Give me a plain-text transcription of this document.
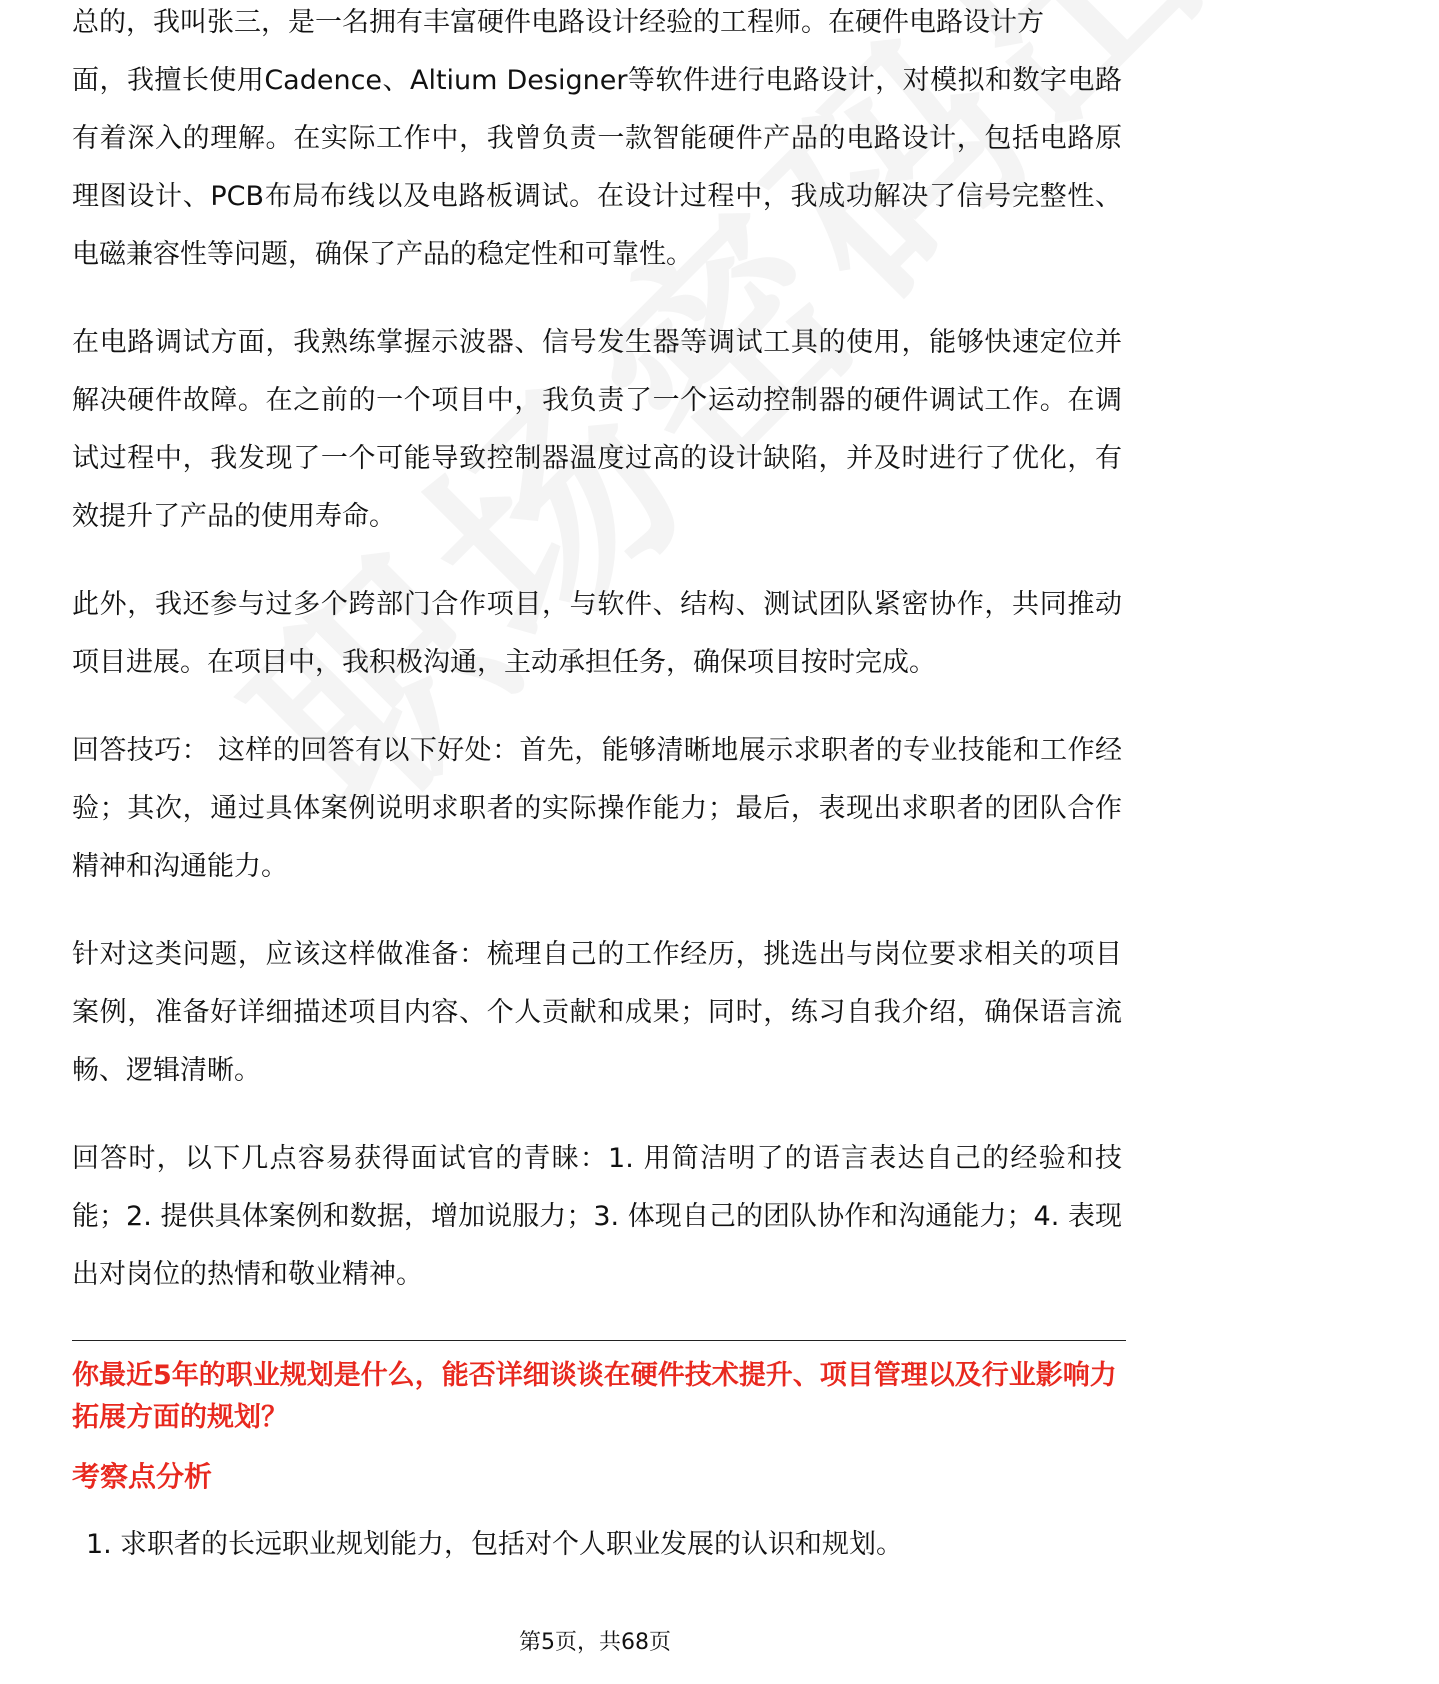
总的，我叫张三，是一名拥有丰富硬件电路设计经验的工程师。在硬件电路设计方

面，我擅长使用Cadence、Altium Designer等软件进行电路设计，对模拟和数字电路有着深入的理解。在实际工作中，我曾负责一款智能硬件产品的电路设计，包括电路原理图设计、PCB布局布线以及电路板调试。在设计过程中，我成功解决了信号完整性、电磁兼容性等问题，确保了产品的稳定性和可靠性。

在电路调试方面，我熟练掌握示波器、信号发生器等调试工具的使用，能够快速定位并解决硬件故障。在之前的一个项目中，我负责了一个运动控制器的硬件调试工作。在调试过程中，我发现了一个可能导致控制器温度过高的设计缺陷，并及时进行了优化，有效提升了产品的使用寿命。

此外，我还参与过多个跨部门合作项目，与软件、结构、测试团队紧密协作，共同推动项目进展。在项目中，我积极沟通，主动承担任务，确保项目按时完成。

回答技巧： 这样的回答有以下好处：首先，能够清晰地展示求职者的专业技能和工作经验；其次，通过具体案例说明求职者的实际操作能力；最后，表现出求职者的团队合作精神和沟通能力。

针对这类问题，应该这样做准备：梳理自己的工作经历，挑选出与岗位要求相关的项目案例，准备好详细描述项目内容、个人贡献和成果；同时，练习自我介绍，确保语言流畅、逻辑清晰。

回答时，以下几点容易获得面试官的青睐：1. 用简洁明了的语言表达自己的经验和技能；2. 提供具体案例和数据，增加说服力；3. 体现自己的团队协作和沟通能力；4. 表现出对岗位的热情和敬业精神。

你最近5年的职业规划是什么，能否详细谈谈在硬件技术提升、项目管理以及行业影响力拓展方面的规划？

考察点分析

1. 求职者的长远职业规划能力，包括对个人职业发展的认识和规划。
第5页，共68页
